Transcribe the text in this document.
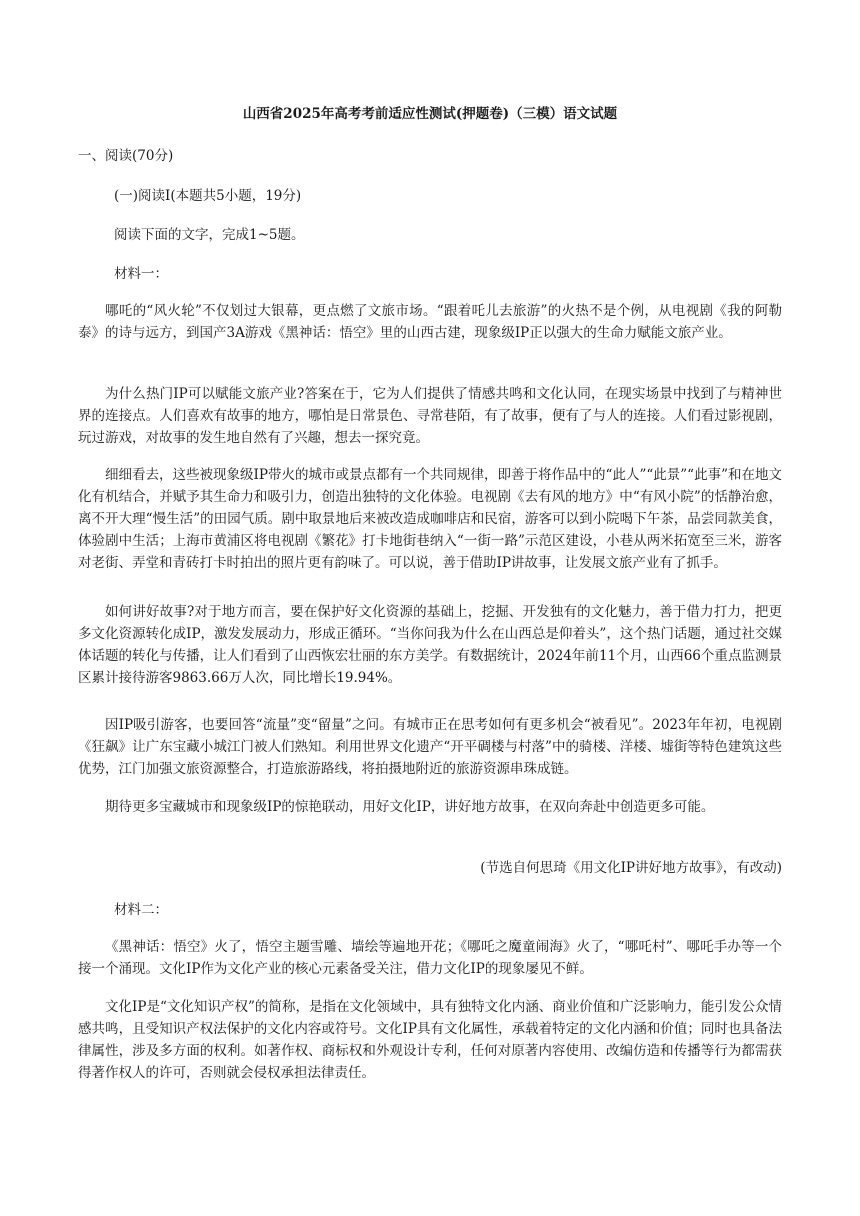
山西省2025年高考考前适应性测试(押题卷)（三模）语文试题

一、阅读(70分)

(一)阅读Ⅰ(本题共5小题，19分)

阅读下面的文字，完成1~5题。

材料一：

哪吒的“风火轮”不仅划过大银幕，更点燃了文旅市场。“跟着吒儿去旅游”的火热不是个例，从电视剧《我的阿勒泰》的诗与远方，到国产3A游戏《黑神话：悟空》里的山西古建，现象级IP正以强大的生命力赋能文旅产业。

为什么热门IP可以赋能文旅产业?答案在于，它为人们提供了情感共鸣和文化认同，在现实场景中找到了与精神世界的连接点。人们喜欢有故事的地方，哪怕是日常景色、寻常巷陌，有了故事，便有了与人的连接。人们看过影视剧，玩过游戏，对故事的发生地自然有了兴趣，想去一探究竟。

细细看去，这些被现象级IP带火的城市或景点都有一个共同规律，即善于将作品中的“此人”“此景”“此事”和在地文化有机结合，并赋予其生命力和吸引力，创造出独特的文化体验。电视剧《去有风的地方》中“有风小院”的恬静治愈，离不开大理“慢生活”的田园气质。剧中取景地后来被改造成咖啡店和民宿，游客可以到小院喝下午茶，品尝同款美食，体验剧中生活；上海市黄浦区将电视剧《繁花》打卡地街巷纳入“一街一路”示范区建设，小巷从两米拓宽至三米，游客对老街、弄堂和青砖打卡时拍出的照片更有韵味了。可以说，善于借助IP讲故事，让发展文旅产业有了抓手。

如何讲好故事?对于地方而言，要在保护好文化资源的基础上，挖掘、开发独有的文化魅力，善于借力打力，把更多文化资源转化成IP，激发发展动力，形成正循环。“当你问我为什么在山西总是仰着头”，这个热门话题，通过社交媒体话题的转化与传播，让人们看到了山西恢宏壮丽的东方美学。有数据统计，2024年前11个月，山西66个重点监测景区累计接待游客9863.66万人次，同比增长19.94%。

因IP吸引游客，也要回答“流量”变“留量”之问。有城市正在思考如何有更多机会“被看见”。2023年年初，电视剧《狂飙》让广东宝藏小城江门被人们熟知。利用世界文化遗产“开平碉楼与村落”中的骑楼、洋楼、墟街等特色建筑这些优势，江门加强文旅资源整合，打造旅游路线，将拍摄地附近的旅游资源串珠成链。

期待更多宝藏城市和现象级IP的惊艳联动，用好文化IP，讲好地方故事，在双向奔赴中创造更多可能。

(节选自何思琦《用文化IP讲好地方故事》，有改动)

材料二：

《黑神话：悟空》火了，悟空主题雪雕、墙绘等遍地开花；《哪吒之魔童闹海》火了，“哪吒村”、哪吒手办等一个接一个涌现。文化IP作为文化产业的核心元素备受关注，借力文化IP的现象屡见不鲜。

文化IP是“文化知识产权”的简称，是指在文化领域中，具有独特文化内涵、商业价值和广泛影响力，能引发公众情感共鸣，且受知识产权法保护的文化内容或符号。文化IP具有文化属性，承载着特定的文化内涵和价值；同时也具备法律属性，涉及多方面的权利。如著作权、商标权和外观设计专利，任何对原著内容使用、改编仿造和传播等行为都需获得著作权人的许可，否则就会侵权承担法律责任。
